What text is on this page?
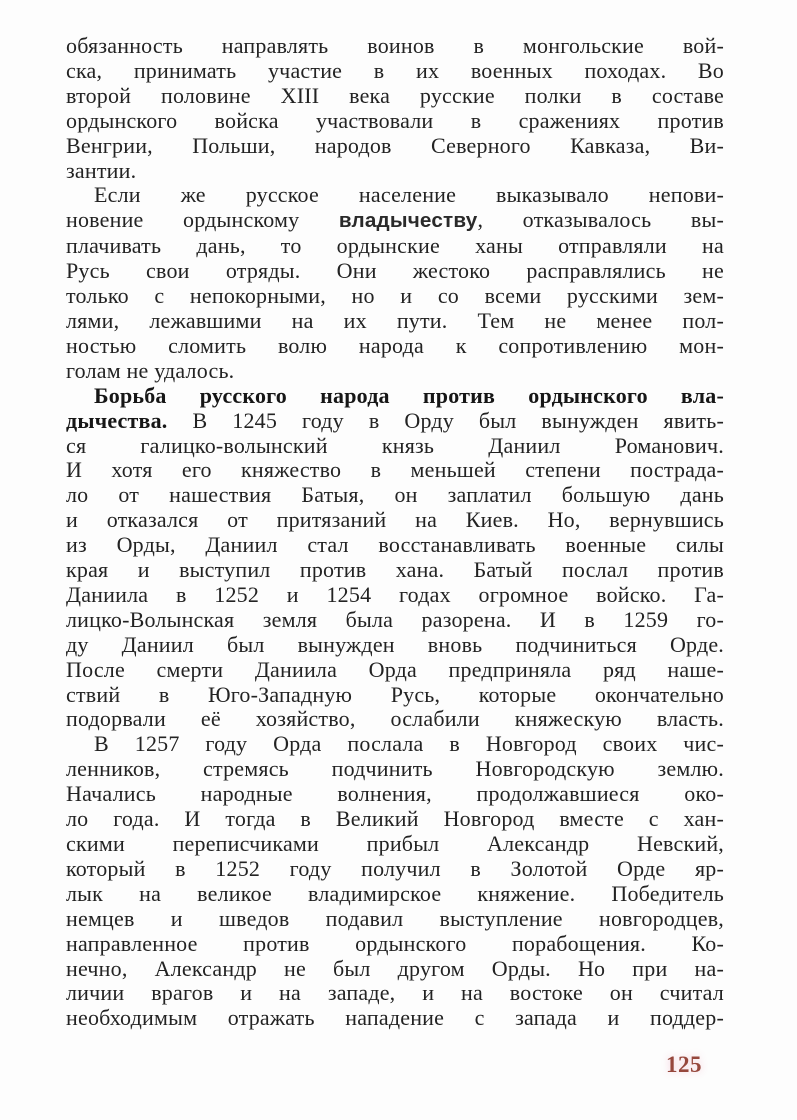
обязанность направлять воинов в монгольские вой-
ска, принимать участие в их военных походах. Во
второй половине XIII века русские полки в составе
ордынского войска участвовали в сражениях против
Венгрии, Польши, народов Северного Кавказа, Ви-
зантии.
Если же русское население выказывало непови-
новение ордынскому владычеству, отказывалось вы-
плачивать дань, то ордынские ханы отправляли на
Русь свои отряды. Они жестоко расправлялись не
только с непокорными, но и со всеми русскими зем-
лями, лежавшими на их пути. Тем не менее пол-
ностью сломить волю народа к сопротивлению мон-
голам не удалось.
Борьба русского народа против ордынского вла-
дычества. В 1245 году в Орду был вынужден явить-
ся галицко-волынский князь Даниил Романович.
И хотя его княжество в меньшей степени пострада-
ло от нашествия Батыя, он заплатил большую дань
и отказался от притязаний на Киев. Но, вернувшись
из Орды, Даниил стал восстанавливать военные силы
края и выступил против хана. Батый послал против
Даниила в 1252 и 1254 годах огромное войско. Га-
лицко-Волынская земля была разорена. И в 1259 го-
ду Даниил был вынужден вновь подчиниться Орде.
После смерти Даниила Орда предприняла ряд наше-
ствий в Юго-Западную Русь, которые окончательно
подорвали её хозяйство, ослабили княжескую власть.
В 1257 году Орда послала в Новгород своих чис-
ленников, стремясь подчинить Новгородскую землю.
Начались народные волнения, продолжавшиеся око-
ло года. И тогда в Великий Новгород вместе с хан-
скими переписчиками прибыл Александр Невский,
который в 1252 году получил в Золотой Орде яр-
лык на великое владимирское княжение. Победитель
немцев и шведов подавил выступление новгородцев,
направленное против ордынского порабощения. Ко-
нечно, Александр не был другом Орды. Но при на-
личии врагов и на западе, и на востоке он считал
необходимым отражать нападение с запада и поддер-
125
